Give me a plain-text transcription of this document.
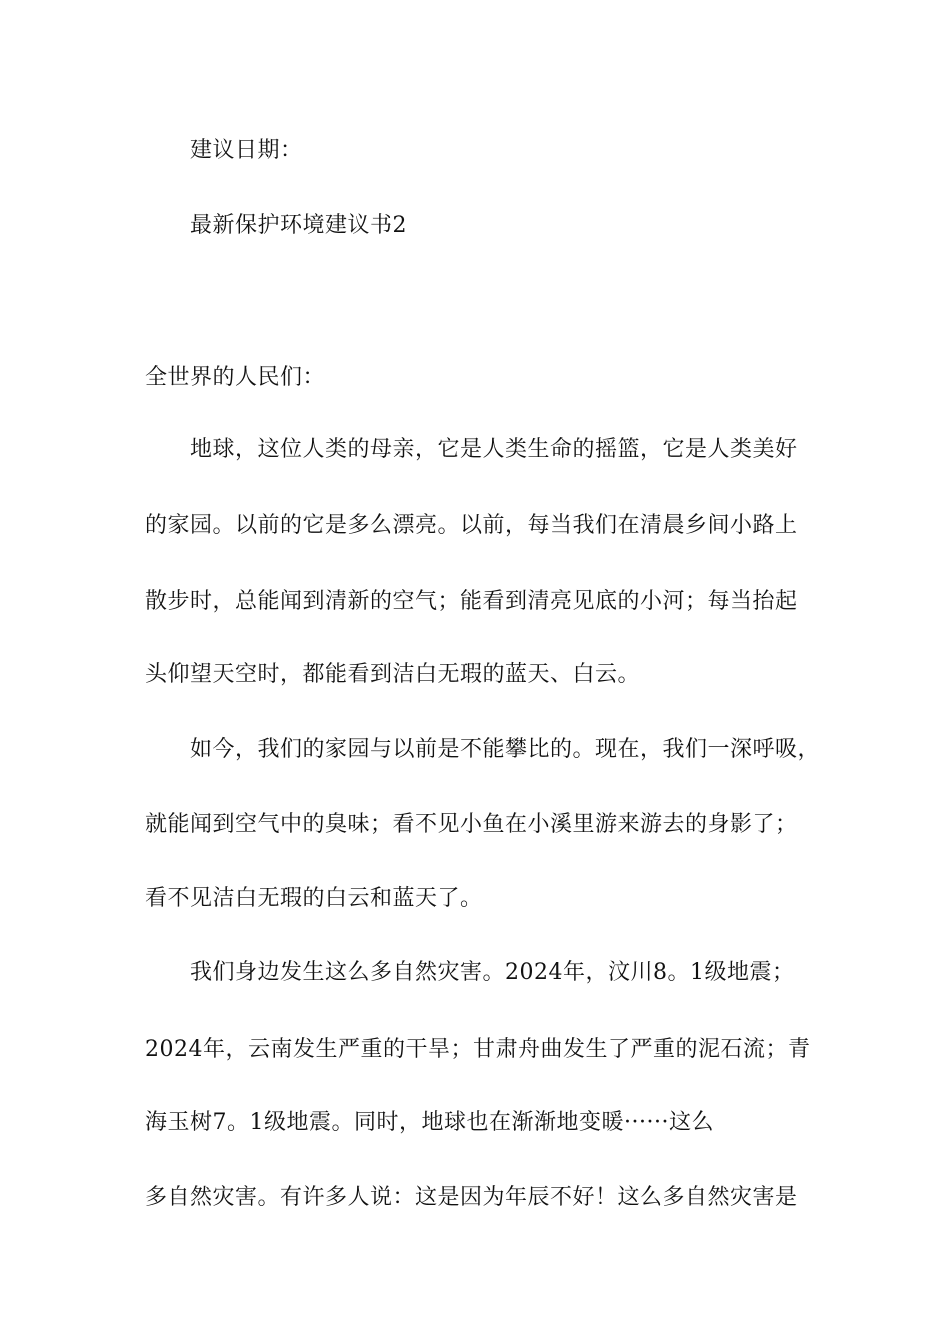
建议日期：
最新保护环境建议书2
全世界的人民们：
地球，这位人类的母亲，它是人类生命的摇篮，它是人类美好
的家园。以前的它是多么漂亮。以前，每当我们在清晨乡间小路上
散步时，总能闻到清新的空气；能看到清亮见底的小河；每当抬起
头仰望天空时，都能看到洁白无瑕的蓝天、白云。
如今，我们的家园与以前是不能攀比的。现在，我们一深呼吸，
就能闻到空气中的臭味；看不见小鱼在小溪里游来游去的身影了；
看不见洁白无瑕的白云和蓝天了。
我们身边发生这么多自然灾害。2024年，汶川8。1级地震；
2024年，云南发生严重的干旱；甘肃舟曲发生了严重的泥石流；青
海玉树7。1级地震。同时，地球也在渐渐地变暖······这么
多自然灾害。有许多人说：这是因为年辰不好！这么多自然灾害是
